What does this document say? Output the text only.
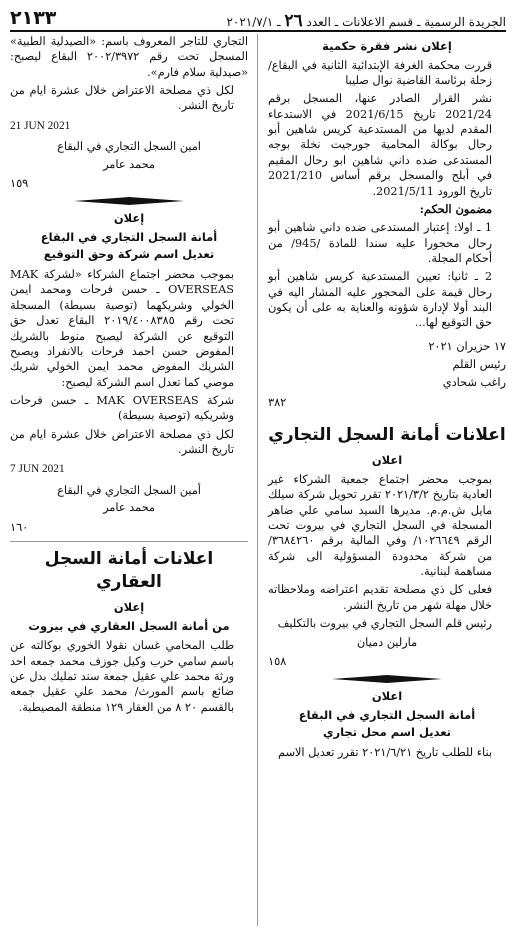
٢١٣٣	الجريدة الرسمية ـ قسم الاعلانات ـ العدد ٢٦ ـ ٢٠٢١/٧/١
إعلان نشر فقرة حكمية

قررت محكمة الغرفة الإبتدائية الثانية في البقاع/ زحلة برئاسة القاضية نوال صليبا

نشر القرار الصادر عنها، المسجل برقم 2021/24 تاريخ 2021/6/15 في الاستدعاء المقدم لديها من المستدعية كريس شاهين أبو رحال بوكالة المحامية جورجيت نخلة بوجه المستدعى ضده داني شاهين ابو رحال المقيم في أبلح والمسجل برقم أساس 2021/210 تاريخ الورود 2021/5/11.

مضمون الحكم:

1 ـ اولا: إعتبار المستدعى ضده داني شاهين أبو رحال محجورا عليه سندا للمادة /945/ من أحكام المجلة.

2 ـ ثانيا: تعيين المستدعية كريس شاهين أبو رحال قيمة على المحجور عليه المشار اليه في البند أولا لإدارة شؤونه والعناية به على أن يكون حق التوقيع لها...

١٧ حزيران ٢٠٢١

رئيس القلم

راغب شحادي

٣٨٢
اعلانات أمانة السجل التجاري
اعلان

بموجب محضر اجتماع جمعية الشركاء غير العادية بتاريخ ٢٠٢١/٣/٢ تقرر تحويل شركة سيلك مايل ش.م.م. مديرها السيد سامي علي ضاهر المسجلة في السجل التجاري في بيروت تحت الرقم ١٠٢٦٦٤٩/ وفي المالية برقم ٣٦٨٤٢٦٠/ من شركة محدودة المسؤولية الى شركة مساهمة لبنانية.

فعلى كل ذي مصلحة تقديم اعتراضه وملاحظاته خلال مهلة شهر من تاريخ النشر.

رئيس قلم السجل التجاري في بيروت بالتكليف

مارلين دميان

١٥٨
اعلان
أمانة السجل التجاري في البقاع
تعديل اسم محل تجاري

بناء للطلب تاريخ ٢٠٢١/٦/٢١ تقرر تعديل الاسم

التجاري للتاجر المعروف باسم: «الصيدلية الطبية» المسجل تحت رقم ٢٠٠٢/٣٩٧٢ البقاع ليصبح: «صيدلية سلام فارم».

لكل ذي مصلحة الاعتراض خلال عشرة ايام من تاريخ النشر.

21 JUN 2021

امين السجل التجاري في البقاع

محمد عامر

١٥٩
إعلان
أمانة السجل التجاري في البقاع
تعديل اسم شركة وحق التوقيع

بموجب محضر اجتماع الشركاء «لشركة MAK OVERSEAS ـ حسن فرحات ومحمد ايمن الخولي وشريكهما (توصية بسيطة) المسجلة تحت رقم ٢٠١٩/٤٠٠٨٣٨٥ البقاع تعدل حق التوقيع عن الشركة ليصبح منوط بالشريك المفوض حسن احمد فرحات بالانفراد ويصبح الشريك المفوض محمد ايمن الخولي شريك موصي كما تعدل اسم الشركة ليصبح:

شركة MAK OVERSEAS ـ حسن فرحات وشريكيه (توصية بسيطة)

لكل ذي مصلحة الاعتراض خلال عشرة ايام من تاريخ النشر.

7 JUN 2021

أمين السجل التجاري في البقاع

محمد عامر

١٦٠
اعلانات أمانة السجل العقاري
إعلان
من أمانة السجل العقاري في بيروت

طلب المحامي غسان نقولا الخوري بوكالته عن باسم سامي حرب وكيل جوزف محمد جمعه احد ورثة محمد علي عقيل جمعة سند تمليك بدل عن ضائع باسم المورث/ محمد علي عقيل جمعه بالقسم ٢٠ ٨ من العقار ١٢٩ منطقة المصيطبة.
